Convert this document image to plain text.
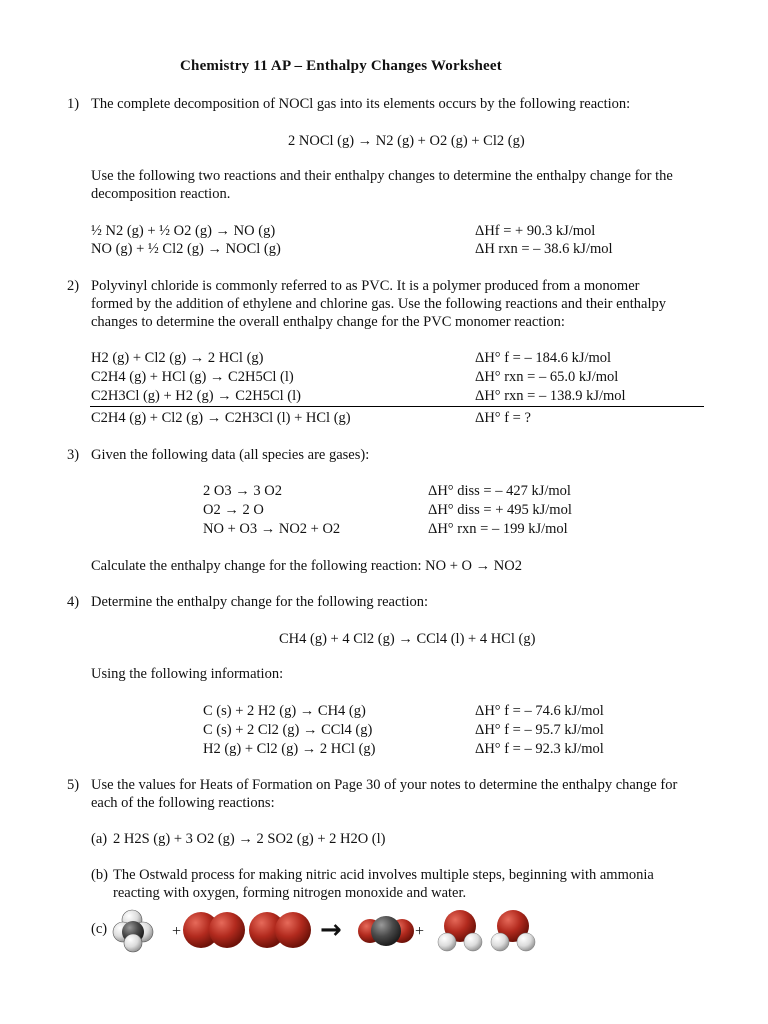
Chemistry 11 AP – Enthalpy Changes Worksheet
1) The complete decomposition of NOCl gas into its elements occurs by the following reaction:
2 NOCl (g) → N2 (g) + O2 (g) + Cl2 (g)
Use the following two reactions and their enthalpy changes to determine the enthalpy change for the
decomposition reaction.
½ N2 (g) + ½ O2 (g) → NO (g)	ΔHf = + 90.3 kJ/mol
NO (g) + ½ Cl2 (g) → NOCl (g)	ΔH rxn = – 38.6 kJ/mol
2) Polyvinyl chloride is commonly referred to as PVC. It is a polymer produced from a monomer
formed by the addition of ethylene and chlorine gas. Use the following reactions and their enthalpy
changes to determine the overall enthalpy change for the PVC monomer reaction:
H2 (g) + Cl2 (g) → 2 HCl (g)	ΔH° f = – 184.6 kJ/mol
C2H4 (g) + HCl (g) → C2H5Cl (l)	ΔH° rxn = – 65.0 kJ/mol
C2H3Cl (g) + H2 (g) → C2H5Cl (l)	ΔH° rxn = – 138.9 kJ/mol
C2H4 (g) + Cl2 (g) → C2H3Cl (l) + HCl (g)	ΔH° f = ?
3) Given the following data (all species are gases):
2 O3 → 3 O2	ΔH° diss = – 427 kJ/mol
O2 → 2 O	ΔH° diss = + 495 kJ/mol
NO + O3 → NO2 + O2	ΔH° rxn = – 199 kJ/mol
Calculate the enthalpy change for the following reaction: NO + O → NO2
4) Determine the enthalpy change for the following reaction:
CH4 (g) + 4 Cl2 (g) → CCl4 (l) + 4 HCl (g)
Using the following information:
C (s) + 2 H2 (g) → CH4 (g)	ΔH° f = – 74.6 kJ/mol
C (s) + 2 Cl2 (g) → CCl4 (g)	ΔH° f = – 95.7 kJ/mol
H2 (g) + Cl2 (g) → 2 HCl (g)	ΔH° f = – 92.3 kJ/mol
5) Use the values for Heats of Formation on Page 30 of your notes to determine the enthalpy change for
each of the following reactions:
(a) 2 H2S (g) + 3 O2 (g) → 2 SO2 (g) + 2 H2O (l)
(b) The Ostwald process for making nitric acid involves multiple steps, beginning with ammonia
reacting with oxygen, forming nitrogen monoxide and water.
(c)	+	→	+
